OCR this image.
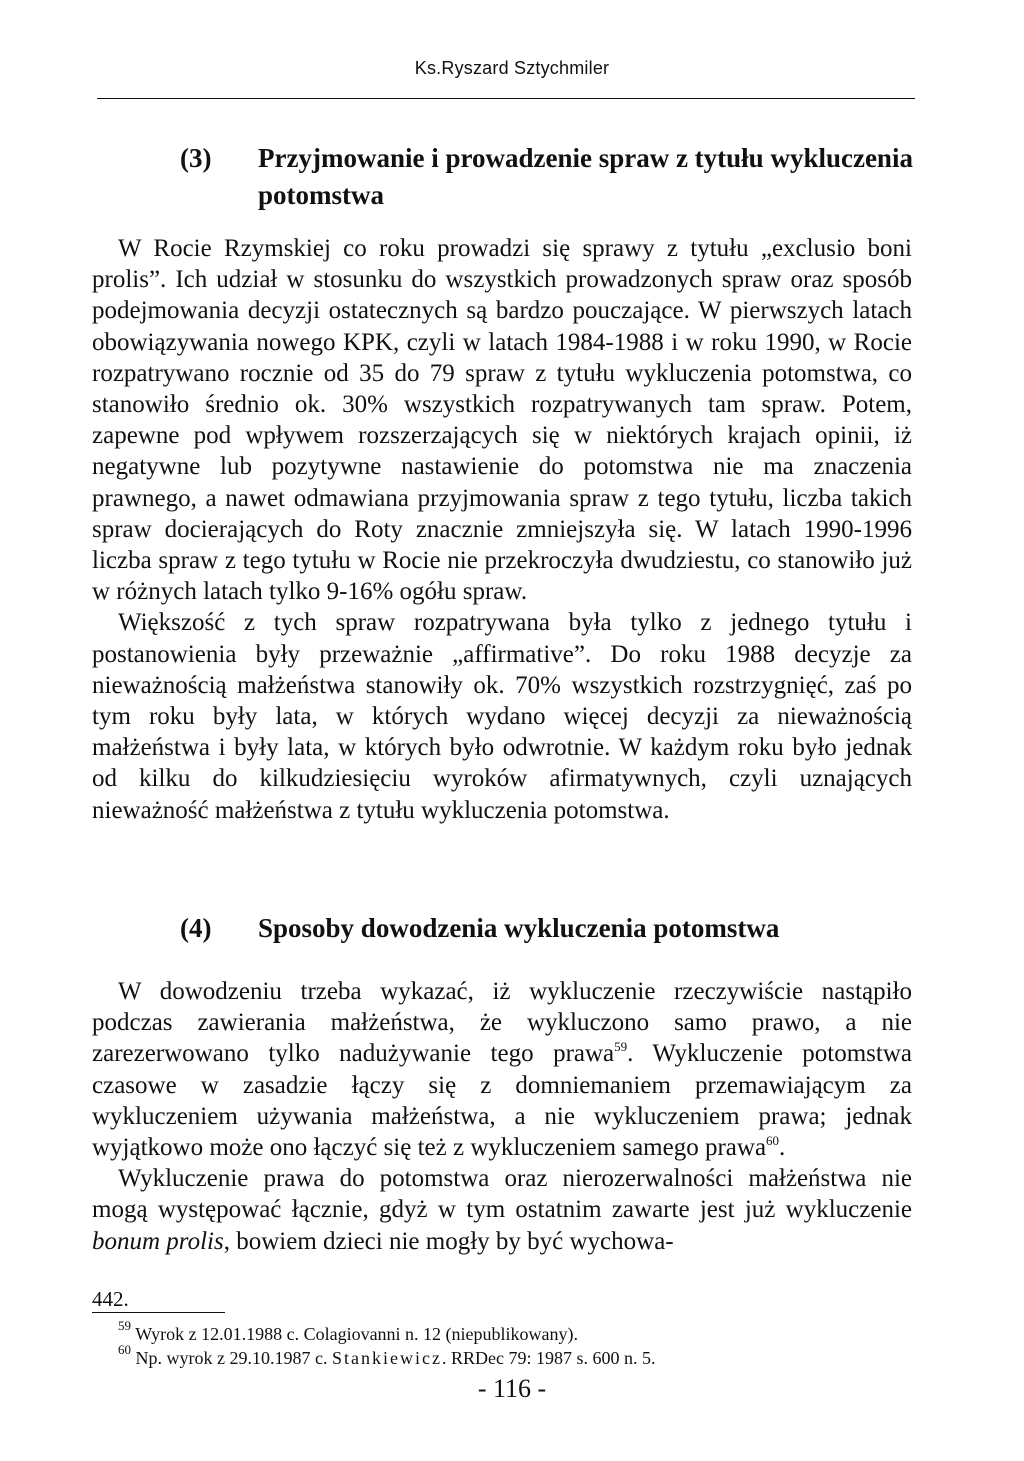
Ks.Ryszard Sztychmiler
(3) Przyjmowanie i prowadzenie spraw z tytułu wykluczenia potomstwa

W Rocie Rzymskiej co roku prowadzi się sprawy z tytułu „exclusio boni prolis”. Ich udział w stosunku do wszystkich prowadzonych spraw oraz sposób podejmowania decyzji ostatecznych są bardzo pouczające. W pierwszych latach obowiązywania nowego KPK, czyli w latach 1984-1988 i w roku 1990, w Rocie rozpatrywano rocznie od 35 do 79 spraw z tytułu wykluczenia potomstwa, co stanowiło średnio ok. 30% wszystkich rozpatrywanych tam spraw. Potem, zapewne pod wpływem rozszerzających się w niektórych krajach opinii, iż negatywne lub pozytywne nastawienie do potomstwa nie ma znaczenia prawnego, a nawet odmawiana przyjmowania spraw z tego tytułu, liczba takich spraw docierających do Roty znacznie zmniejszyła się. W latach 1990-1996 liczba spraw z tego tytułu w Rocie nie przekroczyła dwudziestu, co stanowiło już w różnych latach tylko 9-16% ogółu spraw.

Większość z tych spraw rozpatrywana była tylko z jednego tytułu i postanowienia były przeważnie „affirmative”. Do roku 1988 decyzje za nieważnością małżeństwa stanowiły ok. 70% wszystkich rozstrzygnięć, zaś po tym roku były lata, w których wydano więcej decyzji za nieważnością małżeństwa i były lata, w których było odwrotnie. W każdym roku było jednak od kilku do kilkudziesięciu wyroków afirmatywnych, czyli uznających nieważność małżeństwa z tytułu wykluczenia potomstwa.

(4) Sposoby dowodzenia wykluczenia potomstwa

W dowodzeniu trzeba wykazać, iż wykluczenie rzeczywiście nastąpiło podczas zawierania małżeństwa, że wykluczono samo prawo, a nie zarezerwowano tylko nadużywanie tego prawa$^{59}$. Wykluczenie potomstwa czasowe w zasadzie łączy się z domniemaniem przemawiającym za wykluczeniem używania małżeństwa, a nie wykluczeniem prawa; jednak wyjątkowo może ono łączyć się też z wykluczeniem samego prawa$^{60}$.

Wykluczenie prawa do potomstwa oraz nierozerwalności małżeństwa nie mogą występować łącznie, gdyż w tym ostatnim zawarte jest już wykluczenie bonum prolis, bowiem dzieci nie mogły by być wychowa-

442.
$^{59}$ Wyrok z 12.01.1988 c. Colagiovanni n. 12 (niepublikowany).
$^{60}$ Np. wyrok z 29.10.1987 c. Stankiewicz. RRDec 79: 1987 s. 600 n. 5.
- 116 -
